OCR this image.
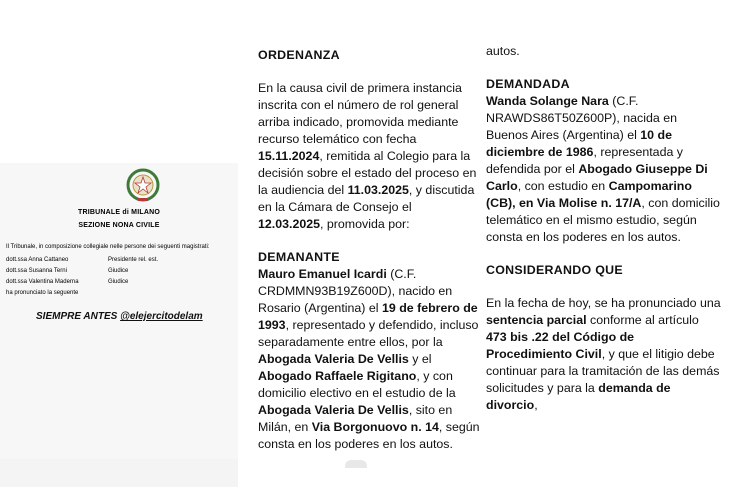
TRIBUNALE di MILANO
SEZIONE NONA CIVILE
Il Tribunale, in composizione collegiale nelle persone dei seguenti magistrati:
dott.ssa Anna Cattaneo	Presidente rel. est.
dott.ssa Susanna Terni	Giudice
dott.ssa Valentina Maderna	Giudice
ha pronunciato la seguente
SIEMPRE ANTES @elejercitodelam

ORDENANZA

En la causa civil de primera instancia inscrita con el número de rol general arriba indicado, promovida mediante recurso telemático con fecha 15.11.2024, remitida al Colegio para la decisión sobre el estado del proceso en la audiencia del 11.03.2025, y discutida en la Cámara de Consejo el 12.03.2025, promovida por:

DEMANANTE

Mauro Emanuel Icardi (C.F. CRDMMN93B19Z600D), nacido en Rosario (Argentina) el 19 de febrero de 1993, representado y defendido, incluso separadamente entre ellos, por la Abogada Valeria De Vellis y el Abogado Raffaele Rigitano, y con domicilio electivo en el estudio de la Abogada Valeria De Vellis, sito en Milán, en Via Borgonuovo n. 14, según consta en los poderes en los autos.

autos.

DEMANDADA

Wanda Solange Nara (C.F. NRAWDS86T50Z600P), nacida en Buenos Aires (Argentina) el 10 de diciembre de 1986, representada y defendida por el Abogado Giuseppe Di Carlo, con estudio en Campomarino (CB), en Via Molise n. 17/A, con domicilio telemático en el mismo estudio, según consta en los poderes en los autos.

CONSIDERANDO QUE

En la fecha de hoy, se ha pronunciado una sentencia parcial conforme al artículo 473 bis .22 del Código de Procedimiento Civil, y que el litigio debe continuar para la tramitación de las demás solicitudes y para la demanda de divorcio,
